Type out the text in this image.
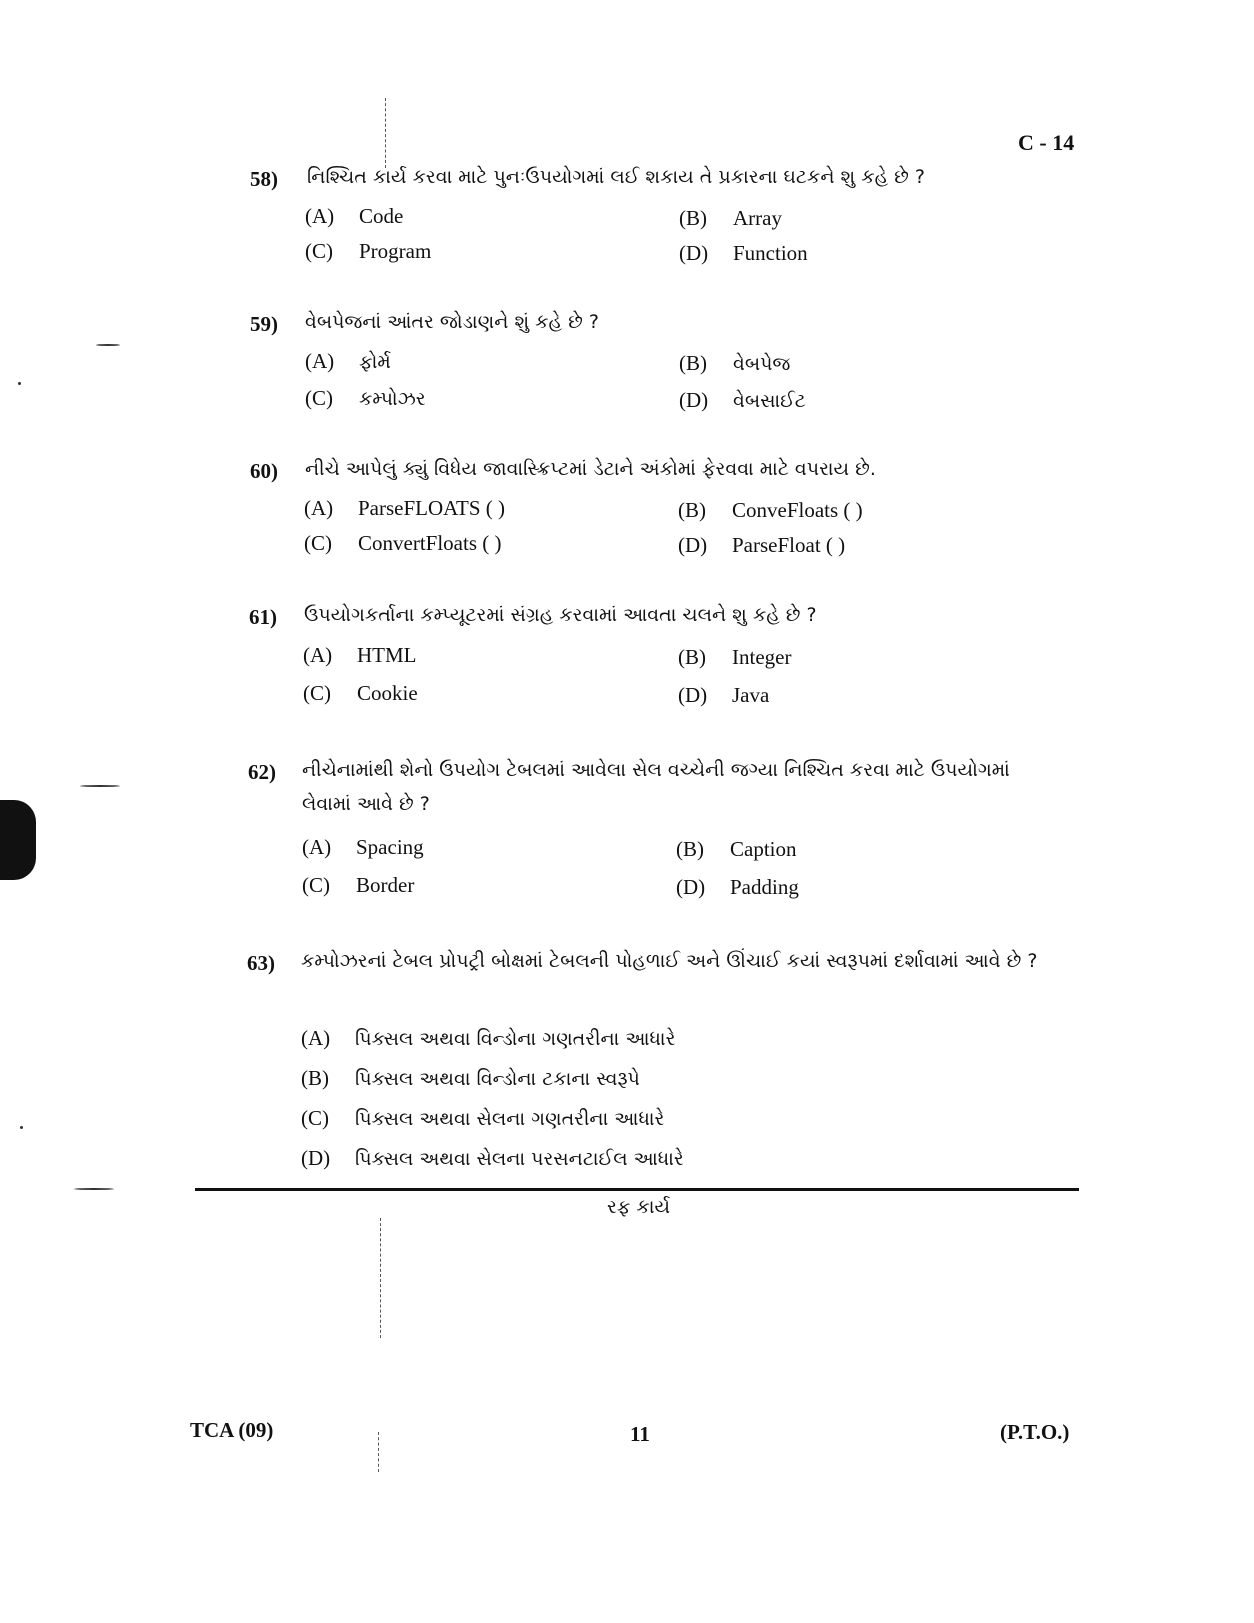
C - 14
58) નિશ્ચિત કાર્ય કરવા માટે પુનઃઉપયોગમાં લઈ શકાય તે પ્રકારના ઘટકને શુ કહે છે ?
(A) Code	(B) Array
(C) Program	(D) Function
59) વેબપેજનાં આંતર જોડાણને શું કહે છે ?
(A) ફોર્મ	(B) વેબપેજ
(C) કમ્પોઝર	(D) વેબસાઈટ
60) નીચે આપેલું ક્યું વિધેય જાવાસ્ક્રિપ્ટમાં ડેટાને અંકોમાં ફેરવવા માટે વપરાય છે.
(A) ParseFLOATS ( )	(B) ConveFloats ( )
(C) ConvertFloats ( )	(D) ParseFloat ( )
61) ઉપયોગકર્તાના કમ્પ્યૂટરમાં સંગ્રહ કરવામાં આવતા ચલને શુ કહે છે ?
(A) HTML	(B) Integer
(C) Cookie	(D) Java
62) નીચેનામાંથી શેનો ઉપયોગ ટેબલમાં આવેલા સેલ વચ્ચેની જગ્યા નિશ્ચિત કરવા માટે ઉપયોગમાં લેવામાં આવે છે ?
(A) Spacing	(B) Caption
(C) Border	(D) Padding
63) કમ્પોઝરનાં ટેબલ પ્રોપટ્રી બોક્ષમાં ટેબલની પોહળાઈ અને ઊંચાઈ કયાં સ્વરૂપમાં દર્શાવામાં આવે છે ?
(A) પિક્સલ અથવા વિન્ડોના ગણતરીના આધારે
(B) પિક્સલ અથવા વિન્ડોના ટકાના સ્વરૂપે
(C) પિક્સલ અથવા સેલના ગણતરીના આધારે
(D) પિક્સલ અથવા સેલના પરસનટાઈલ આધારે
રફ કાર્ય
TCA (09)	11	(P.T.O.)
